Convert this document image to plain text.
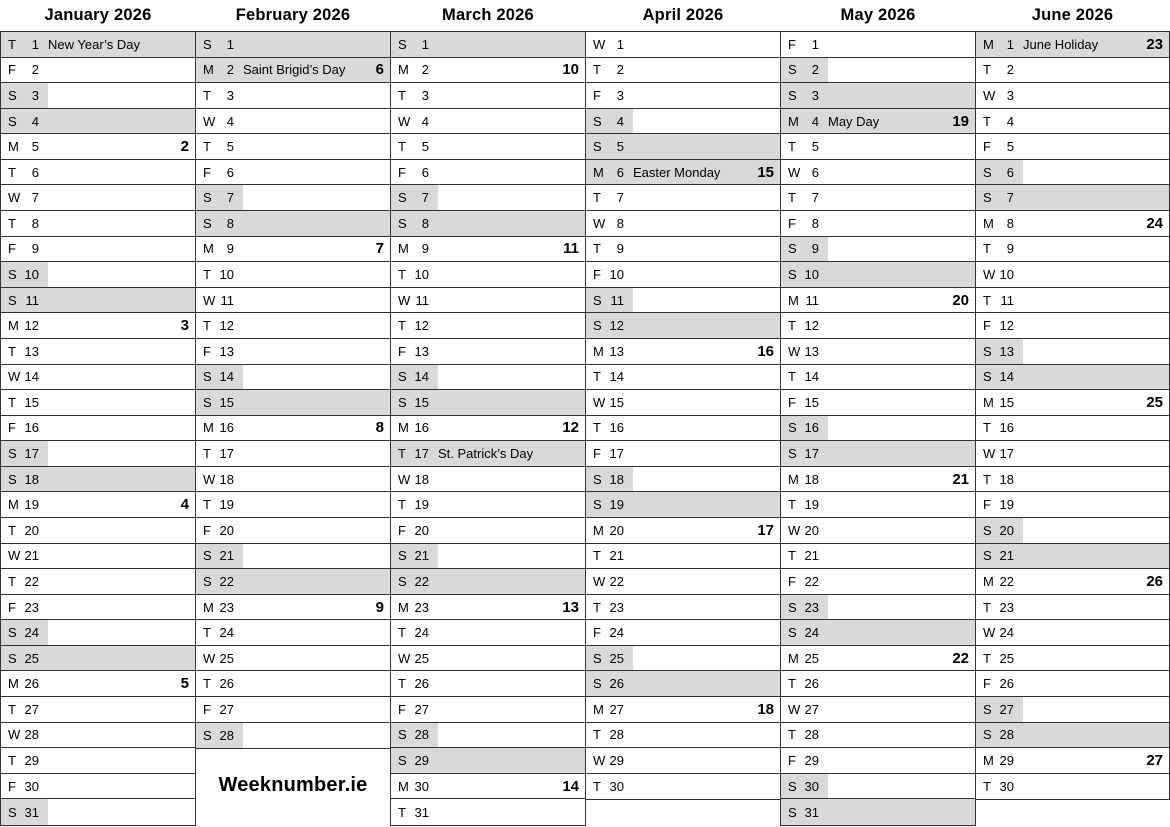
January 2026
T	1 New Year’s Day
F	2
S	3
S	4
M 5	2
T	6
W 7
T	8
F	9
S 10
S 11
M 12	3
T 13
W 14
T 15
F 16
S 17
S 18
M 19	4
T 20
W 21
T 22
F 23
S 24
S 25
M 26	5
T 27
W 28
T 29
F 30
S 31
February 2026
S	1
M 2 Saint Brigid’s Day 6
T	3
W 4
T	5
F	6
S	7
S	8
M 9	7
T 10
W 11
T 12
F 13
S 14
S 15
M 16	8
T 17
W 18
T 19
F 20
S 21
S 22
M 23	9
T 24
W 25
T 26
F 27
S 28
Weeknumber.ie
March 2026
S	1
M 2	10
T	3
W 4
T	5
F	6
S	7
S	8
M 9	11
T 10
W 11
T 12
F 13
S 14
S 15
M 16	12
T 17 St. Patrick’s Day
W 18
T 19
F 20
S 21
S 22
M 23	13
T 24
W 25
T 26
F 27
S 28
S 29
M 30	14
T 31
April 2026
W 1
T	2
F	3
S	4
S	5
M 6 Easter Monday 15
T	7
W 8
T	9
F 10
S 11
S 12
M 13	16
T 14
W 15
T 16
F 17
S 18
S 19
M 20	17
T 21
W 22
T 23
F 24
S 25
S 26
M 27	18
T 28
W 29
T 30
May 2026
F	1
S	2
S	3
M 4 May Day	19
T	5
W 6
T	7
F	8
S	9
S 10
M 11	20
T 12
W 13
T 14
F 15
S 16
S 17
M 18	21
T 19
W 20
T 21
F 22
S 23
S 24
M 25	22
T 26
W 27
T 28
F 29
S 30
S 31
June 2026
M 1 June Holiday	23
T	2
W 3
T	4
F	5
S	6
S	7
M 8	24
T	9
W 10
T 11
F 12
S 13
S 14
M 15	25
T 16
W 17
T 18
F 19
S 20
S 21
M 22	26
T 23
W 24
T 25
F 26
S 27
S 28
M 29	27
T 30
